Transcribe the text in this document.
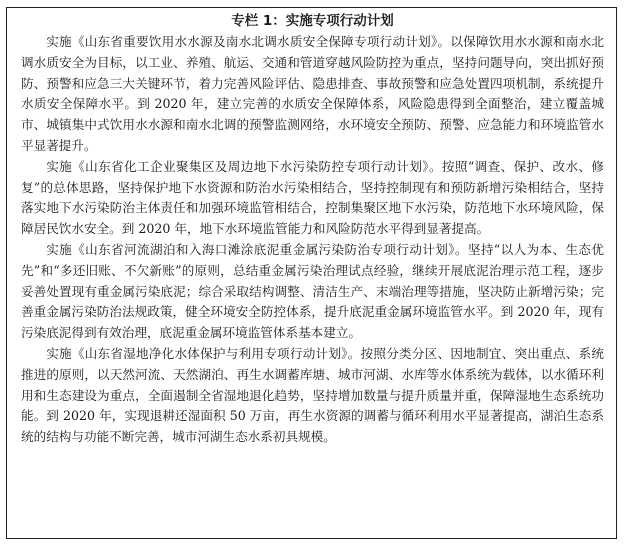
专栏 1：实施专项行动计划

实施《山东省重要饮用水水源及南水北调水质安全保障专项行动计划》。以保障饮用水水源和南水北调水质安全为目标，以工业、养殖、航运、交通和管道穿越风险防控为重点，坚持问题导向，突出抓好预防、预警和应急三大关键环节，着力完善风险评估、隐患排查、事故预警和应急处置四项机制，系统提升水质安全保障水平。到 2020 年，建立完善的水质安全保障体系，风险隐患得到全面整治，建立覆盖城市、城镇集中式饮用水水源和南水北调的预警监测网络，水环境安全预防、预警、应急能力和环境监管水平显著提升。

实施《山东省化工企业聚集区及周边地下水污染防控专项行动计划》。按照“调查、保护、改水、修复”的总体思路，坚持保护地下水资源和防治水污染相结合，坚持控制现有和预防新增污染相结合，坚持落实地下水污染防治主体责任和加强环境监管相结合，控制集聚区地下水污染，防范地下水环境风险，保障居民饮水安全。到 2020 年，地下水环境监管能力和风险防范水平得到显著提高。

实施《山东省河流湖泊和入海口滩涂底泥重金属污染防治专项行动计划》。坚持“以人为本、生态优先”和“多还旧账、不欠新账”的原则，总结重金属污染治理试点经验，继续开展底泥治理示范工程，逐步妥善处置现有重金属污染底泥；综合采取结构调整、清洁生产、末端治理等措施，坚决防止新增污染；完善重金属污染防治法规政策，健全环境安全防控体系，提升底泥重金属环境监管水平。到 2020 年，现有污染底泥得到有效治理，底泥重金属环境监管体系基本建立。

实施《山东省湿地净化水体保护与利用专项行动计划》。按照分类分区、因地制宜、突出重点、系统推进的原则，以天然河流、天然湖泊、再生水调蓄库塘、城市河湖、水库等水体系统为载体，以水循环利用和生态建设为重点，全面遏制全省湿地退化趋势，坚持增加数量与提升质量并重，保障湿地生态系统功能。到 2020 年，实现退耕还湿面积 50 万亩，再生水资源的调蓄与循环利用水平显著提高，湖泊生态系统的结构与功能不断完善，城市河湖生态水系初具规模。
